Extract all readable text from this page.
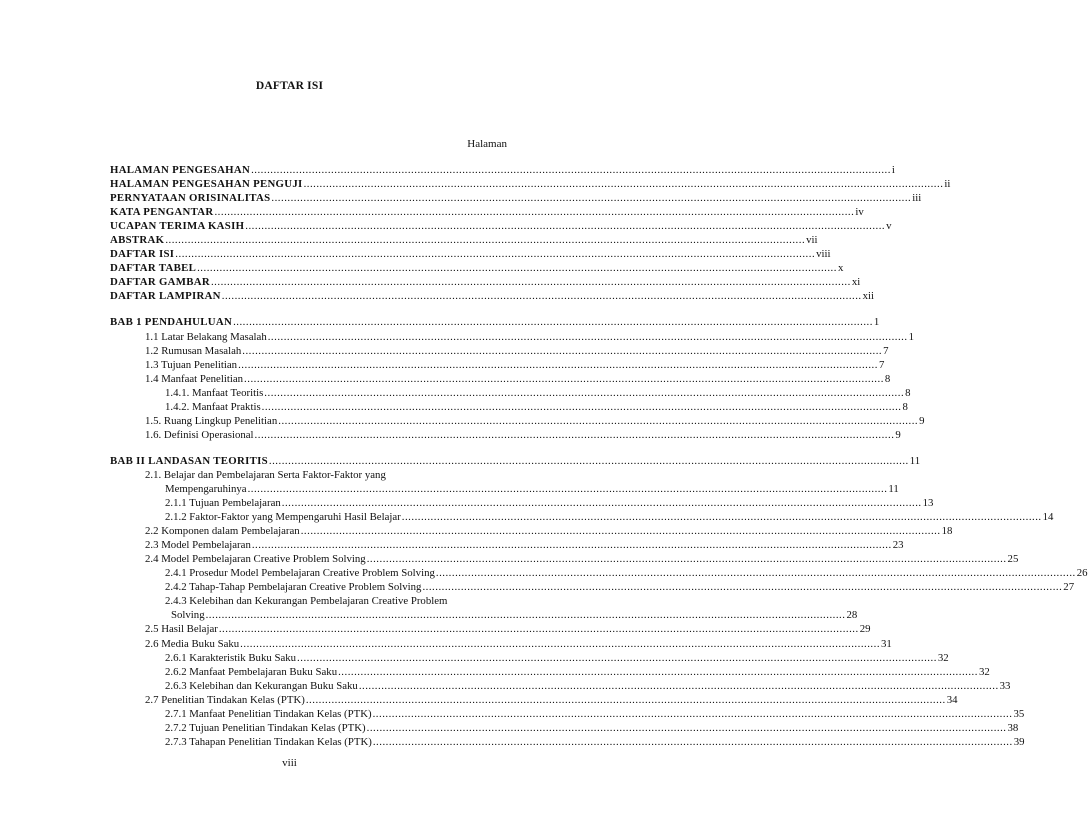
DAFTAR ISI
Halaman
HALAMAN PENGESAHAN ........................................................................................................................................................................................................ i
HALAMAN PENGESAHAN PENGUJI ........................................................................................................................................................................................................ ii
PERNYATAAN ORISINALITAS ........................................................................................................................................................................................................ iii
KATA PENGANTAR ........................................................................................................................................................................................................ iv
UCAPAN TERIMA KASIH ........................................................................................................................................................................................................ v
ABSTRAK ........................................................................................................................................................................................................ vii
DAFTAR ISI ........................................................................................................................................................................................................ viii
DAFTAR TABEL ........................................................................................................................................................................................................ x
DAFTAR GAMBAR ........................................................................................................................................................................................................ xi
DAFTAR LAMPIRAN ........................................................................................................................................................................................................ xii
BAB 1 PENDAHULUAN ........................................................................................................................................................................................................ 1
1.1 Latar Belakang Masalah ........................................................................................................................................................................................................ 1
1.2 Rumusan Masalah ........................................................................................................................................................................................................ 7
1.3 Tujuan Penelitian ........................................................................................................................................................................................................ 7
1.4 Manfaat Penelitian ........................................................................................................................................................................................................ 8
1.4.1. Manfaat Teoritis ........................................................................................................................................................................................................ 8
1.4.2. Manfaat Praktis ........................................................................................................................................................................................................ 8
1.5. Ruang Lingkup Penelitian ........................................................................................................................................................................................................ 9
1.6. Definisi Operasional ........................................................................................................................................................................................................ 9
BAB II LANDASAN TEORITIS ........................................................................................................................................................................................................ 11
2.1. Belajar dan Pembelajaran Serta Faktor-Faktor yang
Mempengaruhinya ........................................................................................................................................................................................................ 11
2.1.1 Tujuan Pembelajaran ........................................................................................................................................................................................................ 13
2.1.2 Faktor-Faktor yang Mempengaruhi Hasil Belajar ........................................................................................................................................................................................................ 14
2.2 Komponen dalam Pembelajaran ........................................................................................................................................................................................................ 18
2.3 Model Pembelajaran ........................................................................................................................................................................................................ 23
2.4 Model Pembelajaran Creative Problem Solving ........................................................................................................................................................................................................ 25
2.4.1 Prosedur Model Pembelajaran Creative Problem Solving ........................................................................................................................................................................................................ 26
2.4.2 Tahap-Tahap Pembelajaran Creative Problem Solving ........................................................................................................................................................................................................ 27
2.4.3 Kelebihan dan Kekurangan Pembelajaran Creative Problem
Solving ........................................................................................................................................................................................................ 28
2.5 Hasil Belajar ........................................................................................................................................................................................................ 29
2.6 Media Buku Saku ........................................................................................................................................................................................................ 31
2.6.1 Karakteristik Buku Saku ........................................................................................................................................................................................................ 32
2.6.2 Manfaat Pembelajaran Buku Saku ........................................................................................................................................................................................................ 32
2.6.3 Kelebihan dan Kekurangan Buku Saku ........................................................................................................................................................................................................ 33
2.7 Penelitian Tindakan Kelas (PTK) ........................................................................................................................................................................................................ 34
2.7.1 Manfaat Penelitian Tindakan Kelas (PTK) ........................................................................................................................................................................................................ 35
2.7.2 Tujuan Penelitian Tindakan Kelas (PTK) ........................................................................................................................................................................................................ 38
2.7.3 Tahapan Penelitian Tindakan Kelas (PTK) ........................................................................................................................................................................................................ 39
viii
